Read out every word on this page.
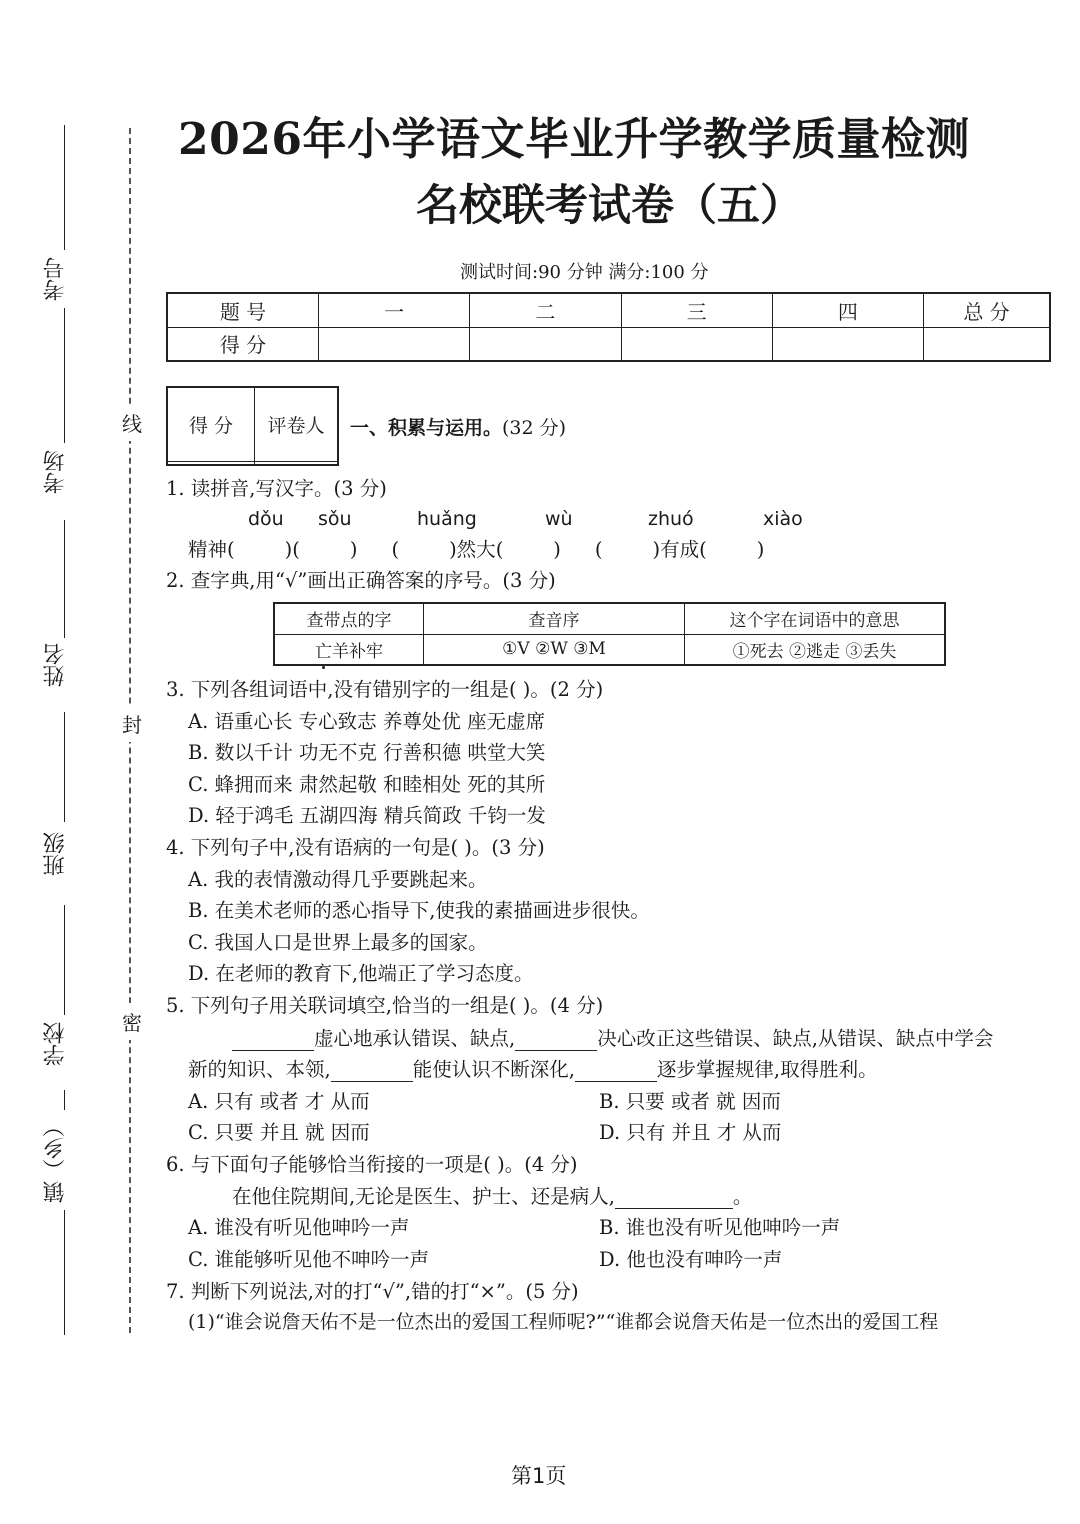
考号
考场
姓名
班级
学校
镇（乡）
线
封
密
2026年小学语文毕业升学教学质量检测
名校联考试卷（五）
测试时间:90 分钟 满分:100 分
题 号	一	二	三	四	总 分
得 分					
得 分	评卷人
	一、积累与运用。(32 分)
1. 读拼音,写汉字。(3 分)
dǒu sǒu	huǎng	wù	zhuó	xiào
精神(	)(	) (	)然大(	) (	)有成(	)
2. 查字典,用“√”画出正确答案的序号。(3 分)
查带点的字	查音序	这个字在词语中的意思
亡羊补牢	①V ②W ③M	①死去 ②逃走 ③丢失
3. 下列各组词语中,没有错别字的一组是( )。(2 分)
A. 语重心长 专心致志 养尊处优 座无虚席
B. 数以千计 功无不克 行善积德 哄堂大笑
C. 蜂拥而来 肃然起敬 和睦相处 死的其所
D. 轻于鸿毛 五湖四海 精兵简政 千钧一发
4. 下列句子中,没有语病的一句是( )。(3 分)
A. 我的表情激动得几乎要跳起来。
B. 在美术老师的悉心指导下,使我的素描画进步很快。
C. 我国人口是世界上最多的国家。
D. 在老师的教育下,他端正了学习态度。
5. 下列句子用关联词填空,恰当的一组是( )。(4 分)
虚心地承认错误、缺点,	决心改正这些错误、缺点,从错误、缺点中学会
新的知识、本领,	能使认识不断深化,	逐步掌握规律,取得胜利。
A. 只有 或者 才 从而	B. 只要 或者 就 因而
C. 只要 并且 就 因而	D. 只有 并且 才 从而
6. 与下面句子能够恰当衔接的一项是( )。(4 分)
在他住院期间,无论是医生、护士、还是病人,	。
A. 谁没有听见他呻吟一声	B. 谁也没有听见他呻吟一声
C. 谁能够听见他不呻吟一声	D. 他也没有呻吟一声
7. 判断下列说法,对的打“√”,错的打“×”。(5 分)
(1)“谁会说詹天佑不是一位杰出的爱国工程师呢?”“谁都会说詹天佑是一位杰出的爱国工程
第1页
